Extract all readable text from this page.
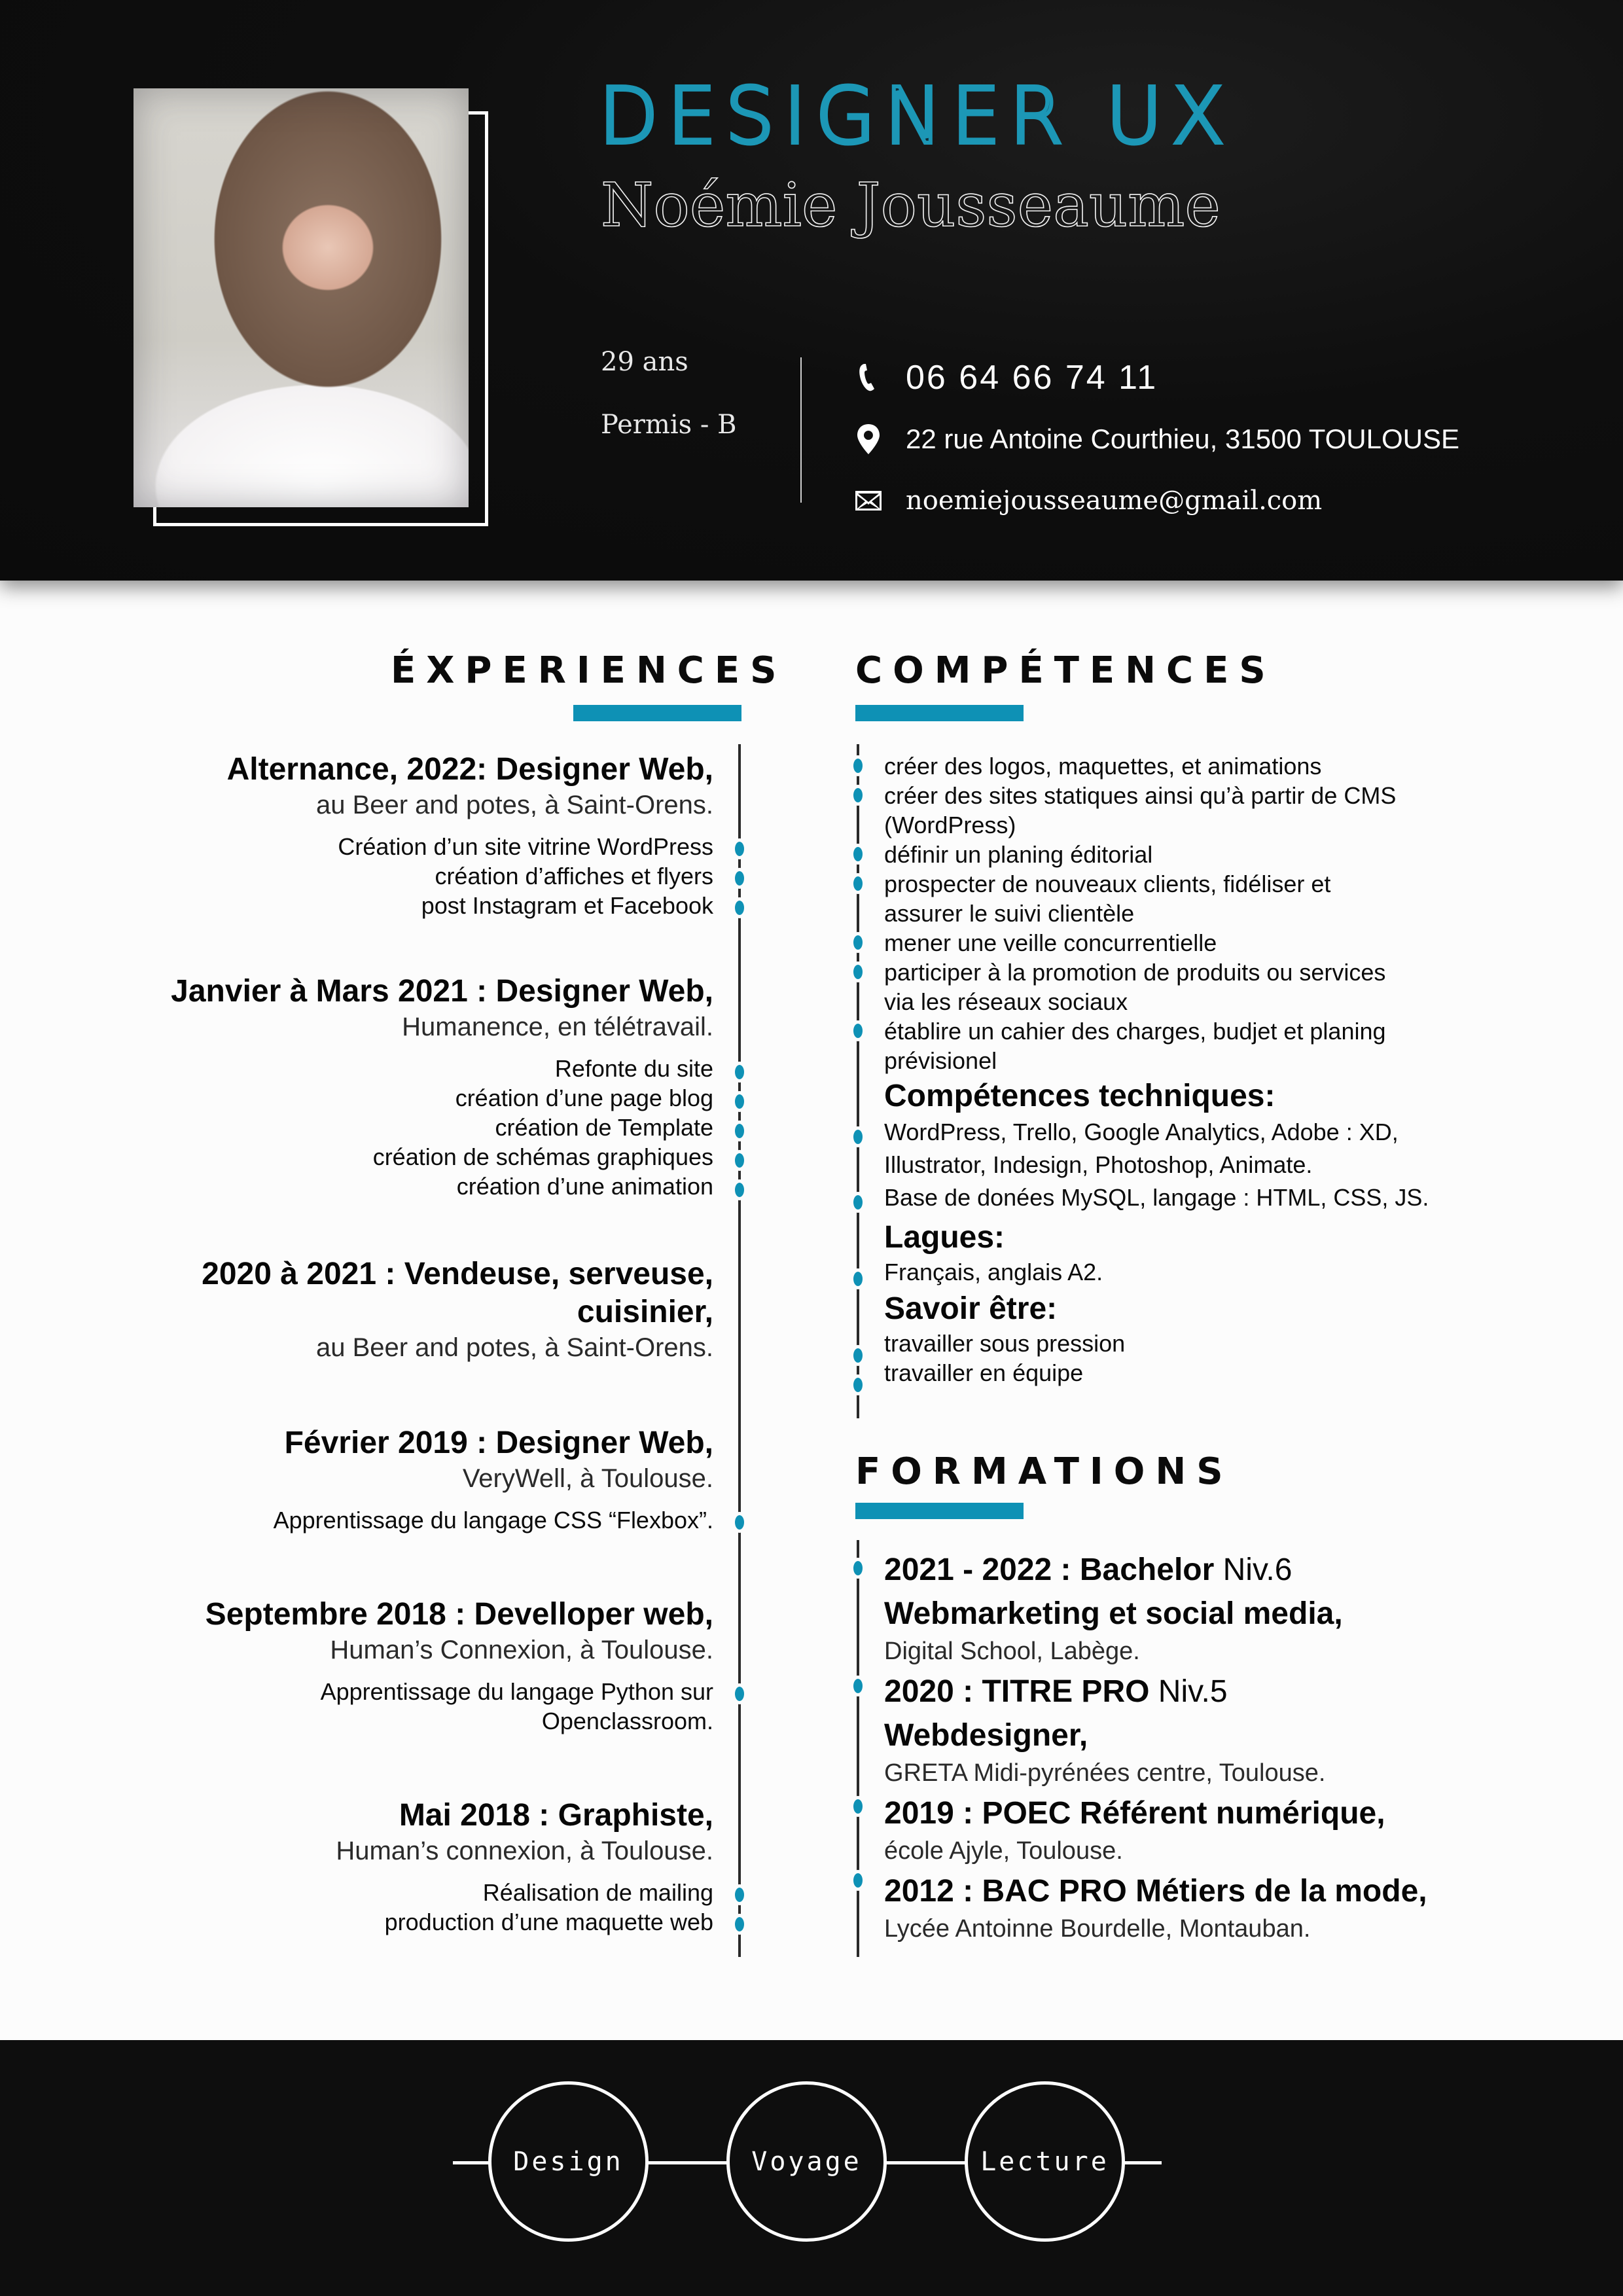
DESIGNER UX
Noémie Jousseaume
29 ans
Permis - B
06 64 66 74 11
22 rue Antoine Courthieu, 31500 TOULOUSE
noemiejousseaume@gmail.com
ÉXPERIENCES
Alternance, 2022: Designer Web,
au Beer and potes, à Saint-Orens.
Création d’un site vitrine WordPress
création d’affiches et flyers
post Instagram et Facebook
Janvier à Mars 2021 : Designer Web,
Humanence, en télétravail.
Refonte du site
création d’une page blog
création de Template
création de schémas graphiques
création d’une animation
2020 à 2021 : Vendeuse, serveuse,
cuisinier,
au Beer and potes, à Saint-Orens.
Février 2019 : Designer Web,
VeryWell, à Toulouse.
Apprentissage du langage CSS “Flexbox”.
Septembre 2018 : Develloper web,
Human’s Connexion, à Toulouse.
Apprentissage du langage Python sur
Openclassroom.
Mai 2018 : Graphiste,
Human’s connexion, à Toulouse.
Réalisation de mailing
production d’une maquette web
COMPÉTENCES
créer des logos, maquettes, et animations
créer des sites statiques ainsi qu’à partir de CMS
(WordPress)
définir un planing éditorial
prospecter de nouveaux clients, fidéliser et
assurer le suivi clientèle
mener une veille concurrentielle
participer à la promotion de produits ou services
via les réseaux sociaux
établire un cahier des charges, budjet et planing
prévisionel
Compétences techniques:
WordPress, Trello, Google Analytics, Adobe : XD,
Illustrator, Indesign, Photoshop, Animate.
Base de donées MySQL, langage : HTML, CSS, JS.
Lagues:
Français, anglais A2.
Savoir être:
travailler sous pression
travailler en équipe
FORMATIONS
2021 - 2022 : Bachelor Niv.6
Webmarketing et social media,
Digital School, Labège.
2020 : TITRE PRO Niv.5
Webdesigner,
GRETA Midi-pyrénées centre, Toulouse.
2019 : POEC Référent numérique,
école Ajyle, Toulouse.
2012 : BAC PRO Métiers de la mode,
Lycée Antoinne Bourdelle, Montauban.
Design	Voyage	Lecture
